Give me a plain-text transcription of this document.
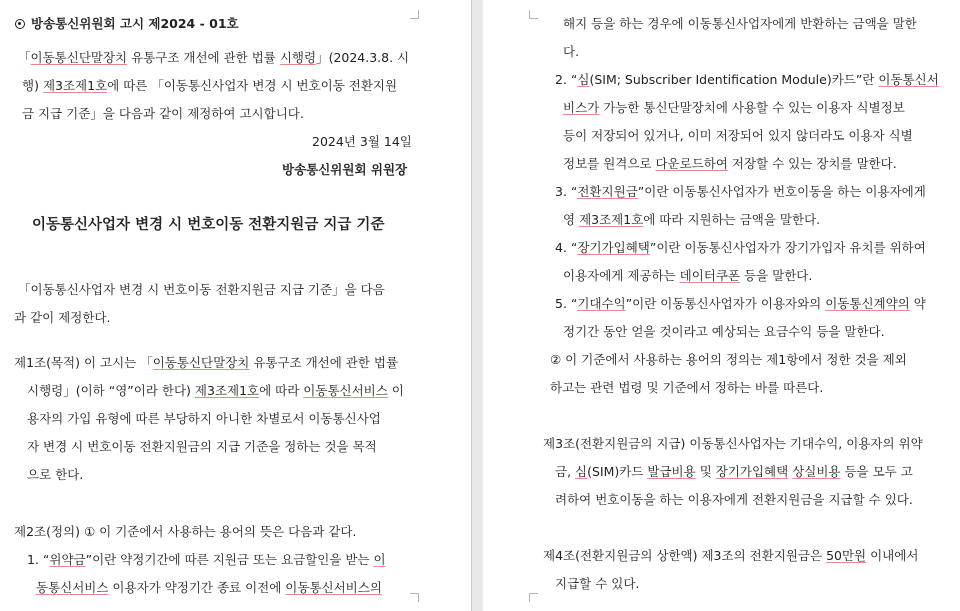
방송통신위원회 고시 제2024 - 01호
「이동통신단말장치 유통구조 개선에 관한 법률 시행령」(2024.3.8. 시
행) 제3조제1호에 따른 「이동통신사업자 변경 시 번호이동 전환지원
금 지급 기준」을 다음과 같이 제정하여 고시합니다.
2024년 3월 14일
방송통신위원회 위원장
이동통신사업자 변경 시 번호이동 전환지원금 지급 기준
「이동통신사업자 변경 시 번호이동 전환지원금 지급 기준」을 다음
과 같이 제정한다.
제1조(목적) 이 고시는 「이동통신단말장치 유통구조 개선에 관한 법률
시행령」(이하 “영”이라 한다) 제3조제1호에 따라 이동통신서비스 이
용자의 가입 유형에 따른 부당하지 아니한 차별로서 이동통신사업
자 변경 시 번호이동 전환지원금의 지급 기준을 정하는 것을 목적
으로 한다.
제2조(정의) ① 이 기준에서 사용하는 용어의 뜻은 다음과 같다.
1. “위약금”이란 약정기간에 따른 지원금 또는 요금할인을 받는 이
동통신서비스 이용자가 약정기간 종료 이전에 이동통신서비스의
해지 등을 하는 경우에 이동통신사업자에게 반환하는 금액을 말한
다.
2. “심(SIM; Subscriber Identification Module)카드”란 이동통신서
비스가 가능한 통신단말장치에 사용할 수 있는 이용자 식별정보
등이 저장되어 있거나, 이미 저장되어 있지 않더라도 이용자 식별
정보를 원격으로 다운로드하여 저장할 수 있는 장치를 말한다.
3. “전환지원금”이란 이동통신사업자가 번호이동을 하는 이용자에게
영 제3조제1호에 따라 지원하는 금액을 말한다.
4. “장기가입혜택”이란 이동통신사업자가 장기가입자 유치를 위하여
이용자에게 제공하는 데이터쿠폰 등을 말한다.
5. “기대수익”이란 이동통신사업자가 이용자와의 이동통신계약의 약
정기간 동안 얻을 것이라고 예상되는 요금수익 등을 말한다.
② 이 기준에서 사용하는 용어의 정의는 제1항에서 정한 것을 제외
하고는 관련 법령 및 기준에서 정하는 바를 따른다.
제3조(전환지원금의 지급) 이동통신사업자는 기대수익, 이용자의 위약
금, 심(SIM)카드 발급비용 및 장기가입혜택 상실비용 등을 모두 고
려하여 번호이동을 하는 이용자에게 전환지원금을 지급할 수 있다.
제4조(전환지원금의 상한액) 제3조의 전환지원금은 50만원 이내에서
지급할 수 있다.
